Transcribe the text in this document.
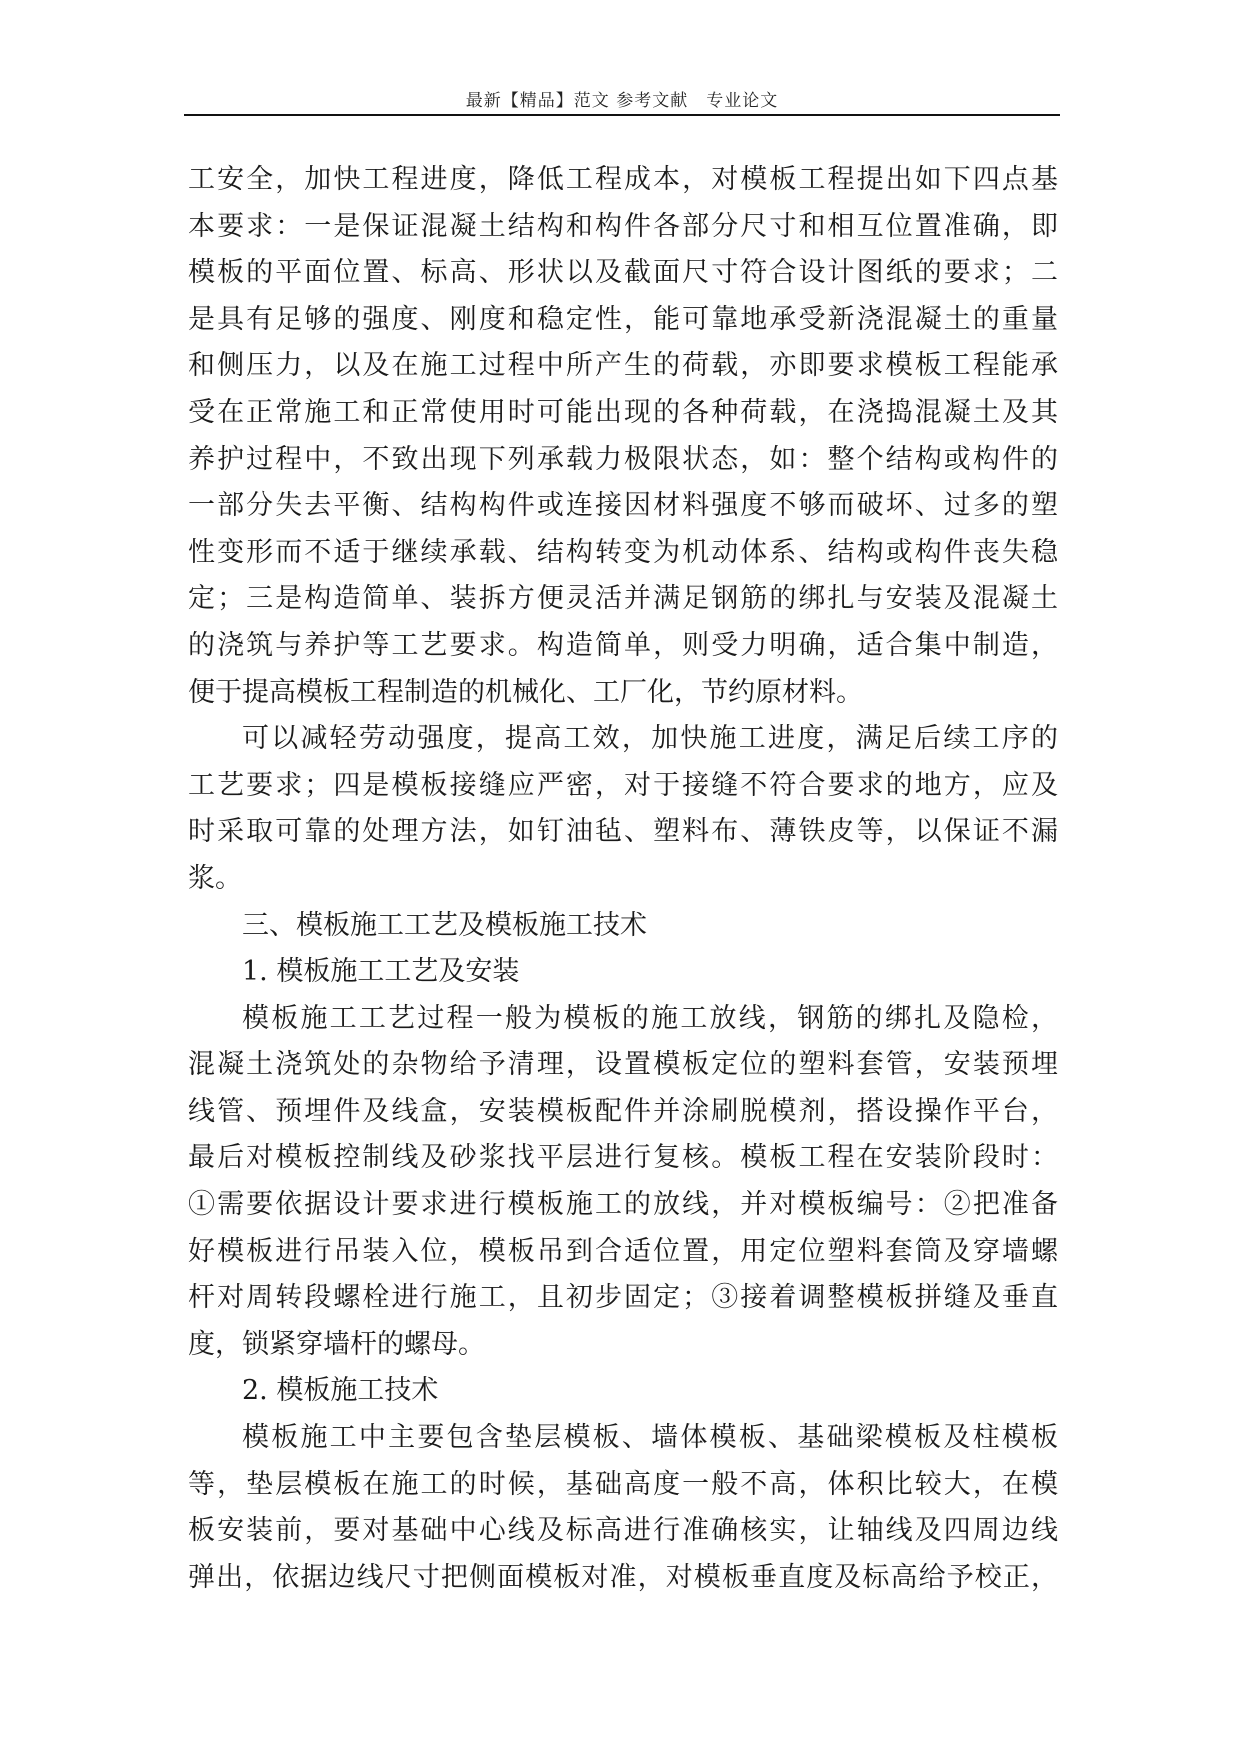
最新【精品】范文 参考文献　专业论文
工安全，加快工程进度，降低工程成本，对模板工程提出如下四点基
本要求：一是保证混凝土结构和构件各部分尺寸和相互位置准确，即
模板的平面位置、标高、形状以及截面尺寸符合设计图纸的要求；二
是具有足够的强度、刚度和稳定性，能可靠地承受新浇混凝土的重量
和侧压力，以及在施工过程中所产生的荷载，亦即要求模板工程能承
受在正常施工和正常使用时可能出现的各种荷载，在浇捣混凝土及其
养护过程中，不致出现下列承载力极限状态，如：整个结构或构件的
一部分失去平衡、结构构件或连接因材料强度不够而破坏、过多的塑
性变形而不适于继续承载、结构转变为机动体系、结构或构件丧失稳
定；三是构造简单、装拆方便灵活并满足钢筋的绑扎与安装及混凝土
的浇筑与养护等工艺要求。构造简单，则受力明确，适合集中制造，
便于提高模板工程制造的机械化、工厂化，节约原材料。
可以减轻劳动强度，提高工效，加快施工进度，满足后续工序的
工艺要求；四是模板接缝应严密，对于接缝不符合要求的地方，应及
时采取可靠的处理方法，如钉油毡、塑料布、薄铁皮等，以保证不漏
浆。
三、模板施工工艺及模板施工技术
1. 模板施工工艺及安装
模板施工工艺过程一般为模板的施工放线，钢筋的绑扎及隐检，
混凝土浇筑处的杂物给予清理，设置模板定位的塑料套管，安装预埋
线管、预埋件及线盒，安装模板配件并涂刷脱模剂，搭设操作平台，
最后对模板控制线及砂浆找平层进行复核。模板工程在安装阶段时：
①需要依据设计要求进行模板施工的放线，并对模板编号：②把准备
好模板进行吊装入位，模板吊到合适位置，用定位塑料套筒及穿墙螺
杆对周转段螺栓进行施工，且初步固定；③接着调整模板拼缝及垂直
度，锁紧穿墙杆的螺母。
2. 模板施工技术
模板施工中主要包含垫层模板、墙体模板、基础梁模板及柱模板
等，垫层模板在施工的时候，基础高度一般不高，体积比较大，在模
板安装前，要对基础中心线及标高进行准确核实，让轴线及四周边线
弹出，依据边线尺寸把侧面模板对准，对模板垂直度及标高给予校正，
